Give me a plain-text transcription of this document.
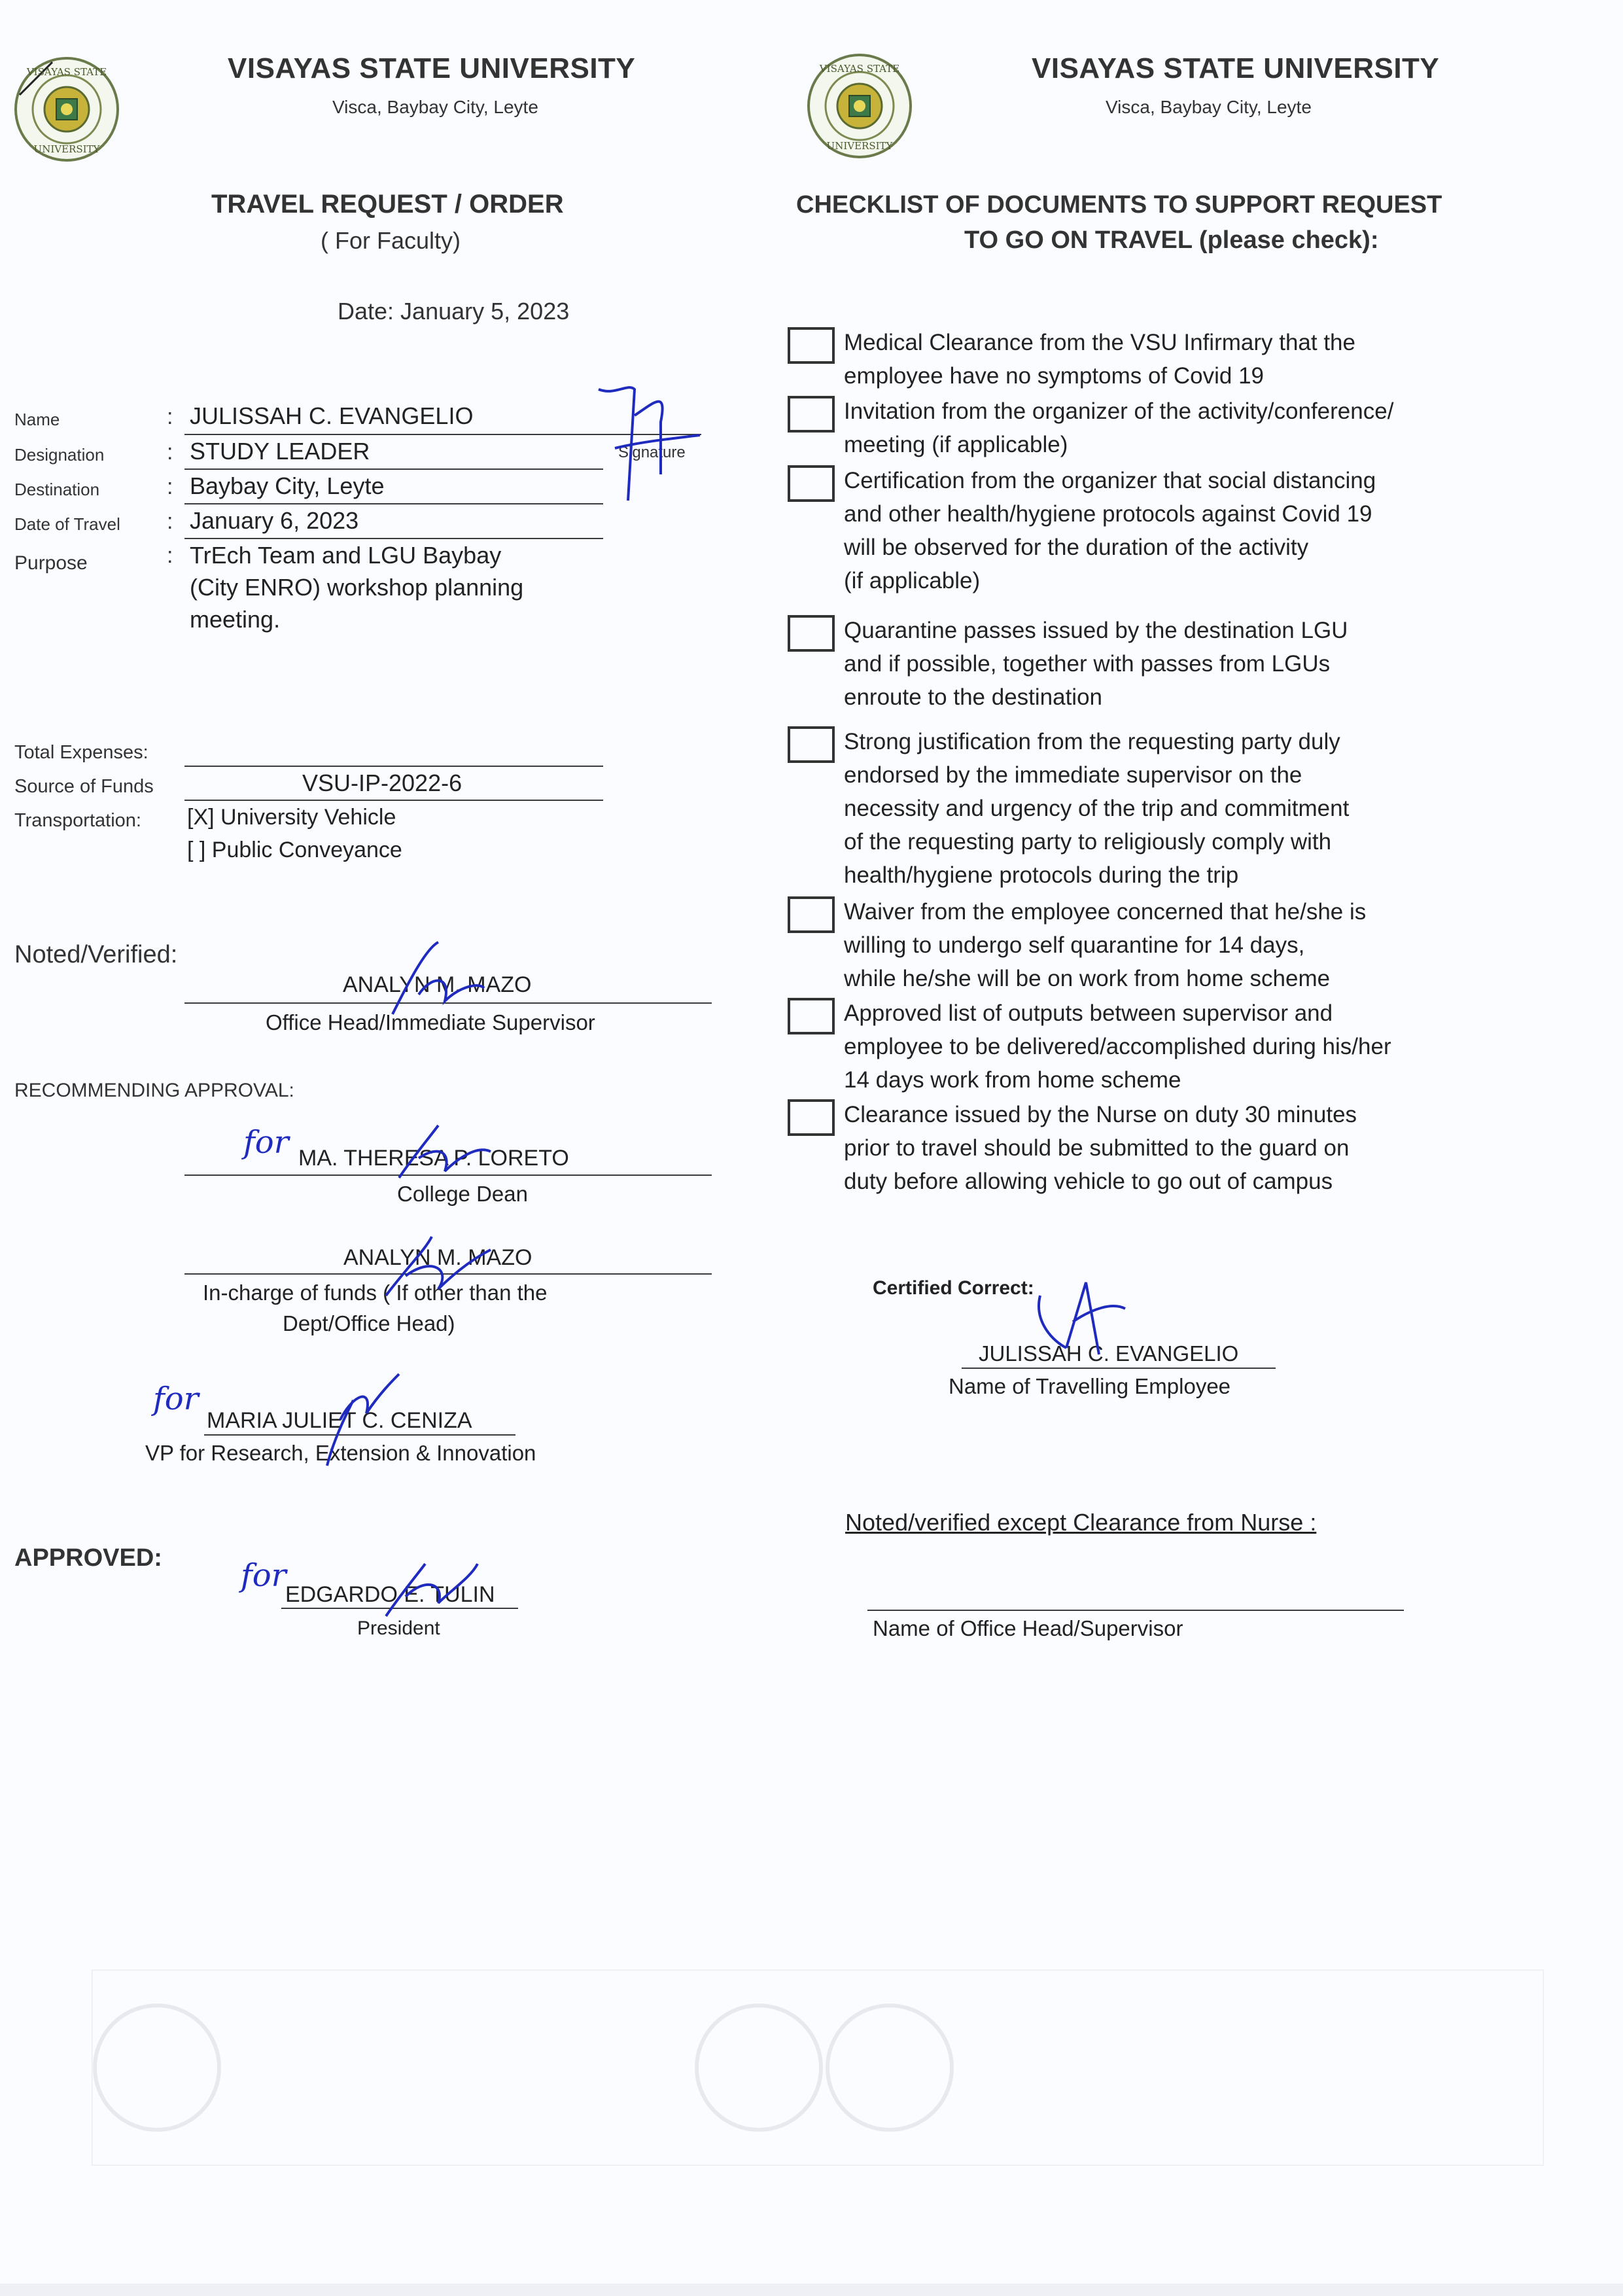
VISAYAS STATE
UNIVERSITY
VISAYAS STATE UNIVERSITY
Visca, Baybay City, Leyte
VISAYAS STATE
UNIVERSITY
VISAYAS STATE UNIVERSITY
Visca, Baybay City, Leyte
TRAVEL REQUEST / ORDER
( For Faculty)
Date: January 5, 2023
Name	: JULISSAH C. EVANGELIO
Signature
Designation	: STUDY LEADER
Destination	: Baybay City, Leyte
Date of Travel : January 6, 2023
Purpose	: TrEch Team and LGU Baybay
(City ENRO) workshop planning
meeting.
Total Expenses:
Source of Funds	VSU-IP-2022-6
Transportation: [X] University Vehicle
[ ] Public Conveyance
Noted/Verified:
ANALYN M. MAZO
Office Head/Immediate Supervisor
RECOMMENDING APPROVAL:
for MA. THERESA P. LORETO
College Dean
ANALYN M. MAZO
In-charge of funds ( If other than the
Dept/Office Head)
for
MARIA JULIET C. CENIZA
VP for Research, Extension & Innovation
APPROVED:	for
EDGARDO E. TULIN
President
CHECKLIST OF DOCUMENTS TO SUPPORT REQUEST
TO GO ON TRAVEL (please check):
Medical Clearance from the VSU Infirmary that the
employee have no symptoms of Covid 19
Invitation from the organizer of the activity/conference/
meeting (if applicable)
Certification from the organizer that social distancing
and other health/hygiene protocols against Covid 19
will be observed for the duration of the activity
(if applicable)
Quarantine passes issued by the destination LGU
and if possible, together with passes from LGUs
enroute to the destination
Strong justification from the requesting party duly
endorsed by the immediate supervisor on the
necessity and urgency of the trip and commitment
of the requesting party to religiously comply with
health/hygiene protocols during the trip
Waiver from the employee concerned that he/she is
willing to undergo self quarantine for 14 days,
while he/she will be on work from home scheme
Approved list of outputs between supervisor and
employee to be delivered/accomplished during his/her
14 days work from home scheme
Clearance issued by the Nurse on duty 30 minutes
prior to travel should be submitted to the guard on
duty before allowing vehicle to go out of campus
Certified Correct:
JULISSAH C. EVANGELIO
Name of Travelling Employee
Noted/verified except Clearance from Nurse :
Name of Office Head/Supervisor
